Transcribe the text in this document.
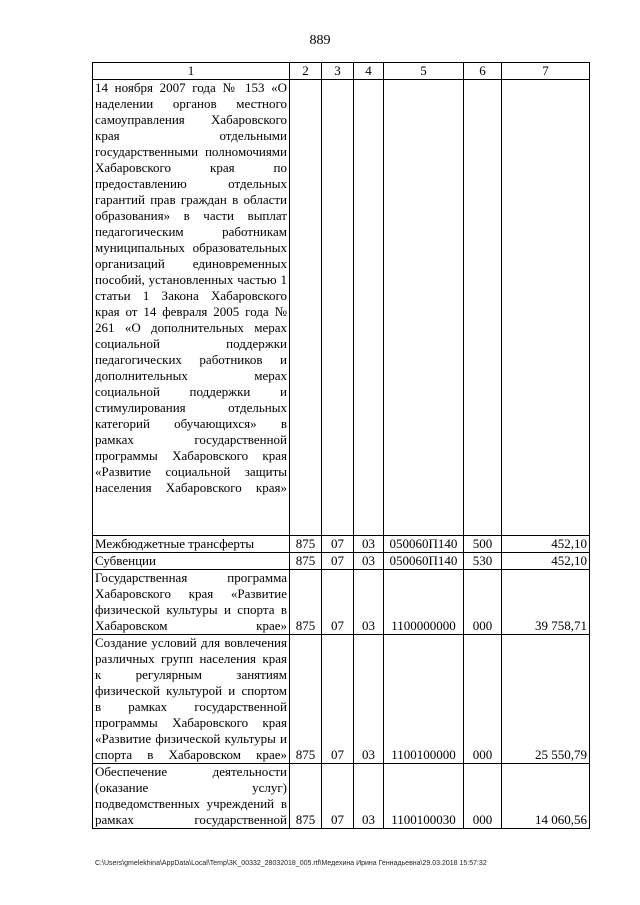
889
1	2	3	4	5	6	7
14 ноября 2007 года № 153 «О наделении органов местного самоуправления Хабаровского края отдельными государственными полномочиями Хабаровского края по предоставлению отдельных гарантий прав граждан в области образования» в части выплат педагогическим работникам муниципальных образовательных организаций единовременных пособий, установленных частью 1 статьи 1 Закона Хабаровского края от 14 февраля 2005 года № 261 «О дополнительных мерах социальной поддержки педагогических работников и дополнительных мерах социальной поддержки и стимулирования отдельных категорий обучающихся» в рамках государственной программы Хабаровского края «Развитие социальной защиты населения Хабаровского края»						
Межбюджетные трансферты	875	07	03	050060П140	500	452,10
Субвенции	875	07	03	050060П140	530	452,10
Государственная программа Хабаровского края «Развитие физической культуры и спорта в Хабаровском крае»	875	07	03	1100000000	000	39 758,71
Создание условий для вовлечения различных групп населения края к регулярным занятиям физической культурой и спортом в рамках государственной программы Хабаровского края «Развитие физической культуры и спорта в Хабаровском крае»	875	07	03	1100100000	000	25 550,79
Обеспечение деятельности (оказание услуг) подведомственных учреждений в рамках государственной	875	07	03	1100100030	000	14 060,56
C:\Users\gmelekhina\AppData\Local\Temp\3K_00332_28032018_005.rtf\Медехина Ирина Геннадьевна\29.03.2018 15:57:32
